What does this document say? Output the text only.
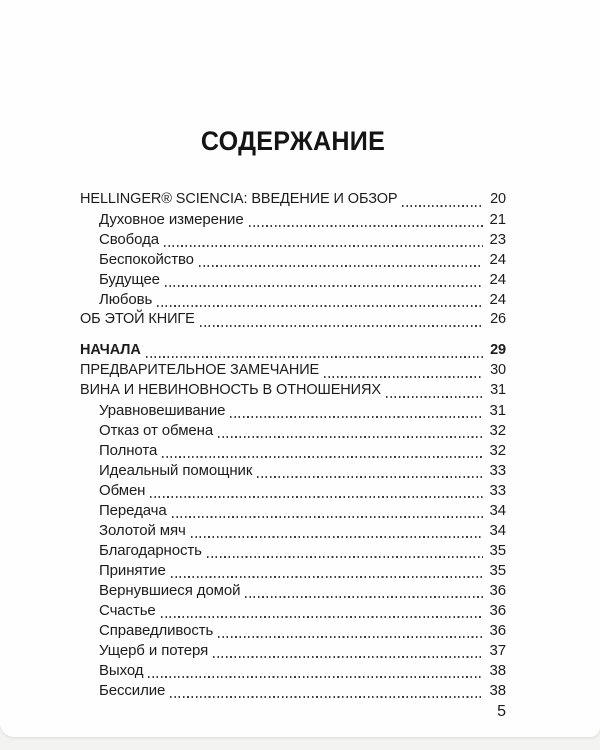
СОДЕРЖАНИЕ
HELLINGER® SCIENCIA: ВВЕДЕНИЕ И ОБЗОР	20
Духовное измерение	21
Свобода	23
Беспокойство	24
Будущее	24
Любовь	24
ОБ ЭТОЙ КНИГЕ	26
НАЧАЛА	29
ПРЕДВАРИТЕЛЬНОЕ ЗАМЕЧАНИЕ	30
ВИНА И НЕВИНОВНОСТЬ В ОТНОШЕНИЯХ	31
Уравновешивание	31
Отказ от обмена	32
Полнота	32
Идеальный помощник	33
Обмен	33
Передача	34
Золотой мяч	34
Благодарность	35
Принятие	35
Вернувшиеся домой	36
Счастье	36
Справедливость	36
Ущерб и потеря	37
Выход	38
Бессилие	38
5
